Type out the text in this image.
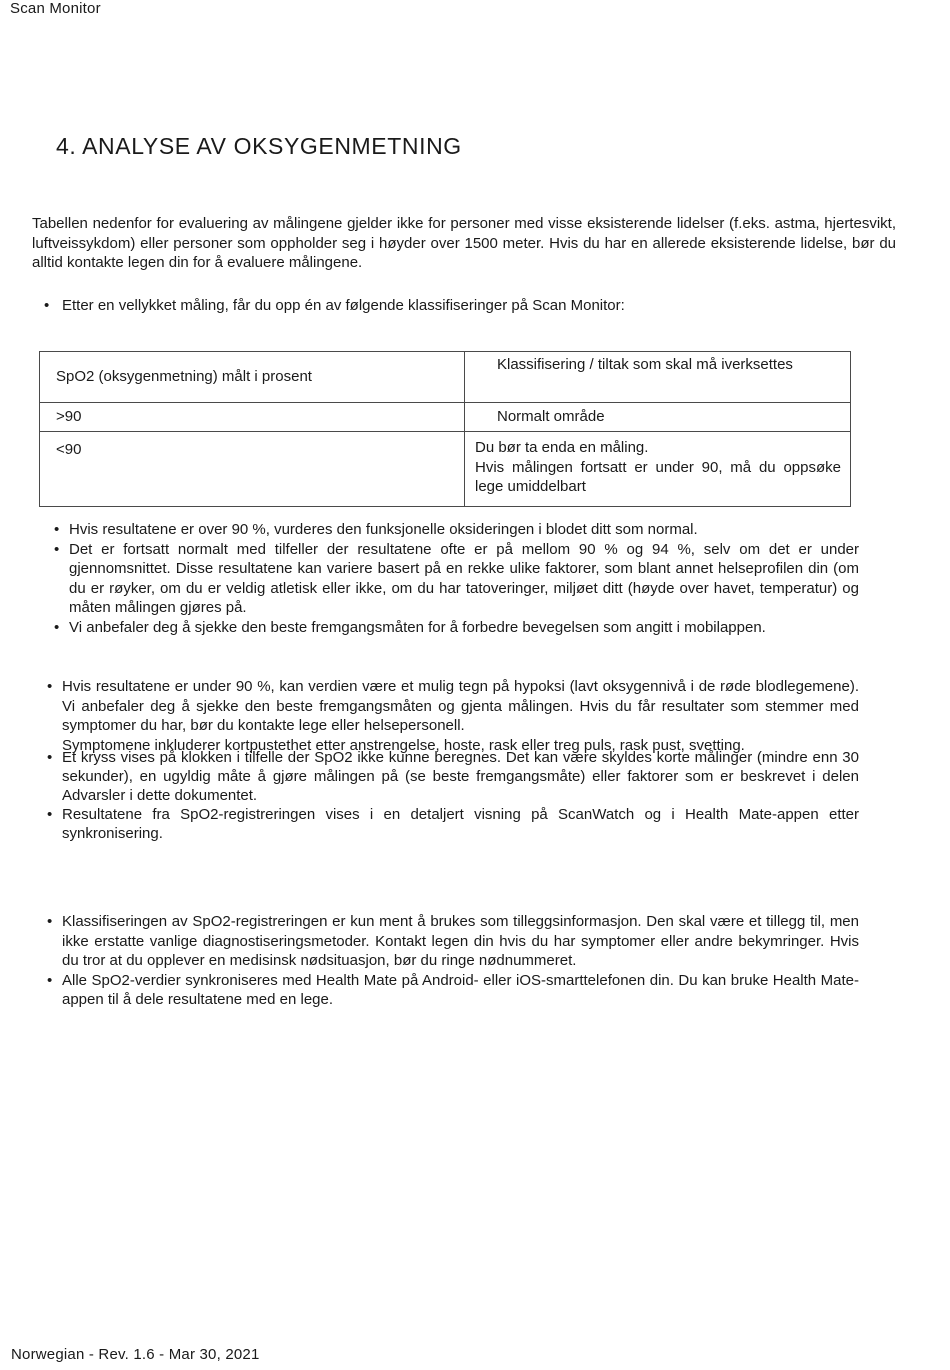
Scan Monitor
4. ANALYSE AV OKSYGENMETNING

Tabellen nedenfor for evaluering av målingene gjelder ikke for personer med visse eksisterende lidelser (f.eks. astma, hjertesvikt, luftveissykdom) eller personer som oppholder seg i høyder over 1500 meter. Hvis du har en allerede eksisterende lidelse, bør du alltid kontakte legen din for å evaluere målingene.

• Etter en vellykket måling, får du opp én av følgende klassifiseringer på Scan Monitor:
SpO2 (oksygenmetning) målt i prosent	Klassifisering / tiltak som skal må iverksettes
>90	Normalt område
<90	Du bør ta enda en måling.
Hvis målingen fortsatt er under 90, må du oppsøke lege umiddelbart
• Hvis resultatene er over 90 %, vurderes den funksjonelle oksideringen i blodet ditt som normal.
• Det er fortsatt normalt med tilfeller der resultatene ofte er på mellom 90 % og 94 %, selv om det er under gjennomsnittet. Disse resultatene kan variere basert på en rekke ulike faktorer, som blant annet helseprofilen din (om du er røyker, om du er veldig atletisk eller ikke, om du har tatoveringer, miljøet ditt (høyde over havet, temperatur) og måten målingen gjøres på.
• Vi anbefaler deg å sjekke den beste fremgangsmåten for å forbedre bevegelsen som angitt i mobilappen.
• Hvis resultatene er under 90 %, kan verdien være et mulig tegn på hypoksi (lavt oksygennivå i de røde blodlegemene). Vi anbefaler deg å sjekke den beste fremgangsmåten og gjenta målingen. Hvis du får resultater som stemmer med symptomer du har, bør du kontakte lege eller helsepersonell.
Symptomene inkluderer kortpustethet etter anstrengelse, hoste, rask eller treg puls, rask pust, svetting.
• Et kryss vises på klokken i tilfelle der SpO2 ikke kunne beregnes. Det kan være skyldes korte målinger (mindre enn 30 sekunder), en ugyldig måte å gjøre målingen på (se beste fremgangsmåte) eller faktorer som er beskrevet i delen Advarsler i dette dokumentet.
• Resultatene fra SpO2-registreringen vises i en detaljert visning på ScanWatch og i Health Mate-appen etter synkronisering.
• Klassifiseringen av SpO2-registreringen er kun ment å brukes som tilleggsinformasjon. Den skal være et tillegg til, men ikke erstatte vanlige diagnostiseringsmetoder. Kontakt legen din hvis du har symptomer eller andre bekymringer. Hvis du tror at du opplever en medisinsk nødsituasjon, bør du ringe nødnummeret.
• Alle SpO2-verdier synkroniseres med Health Mate på Android- eller iOS-smarttelefonen din. Du kan bruke Health Mate-appen til å dele resultatene med en lege.
Norwegian - Rev. 1.6 - Mar 30, 2021
